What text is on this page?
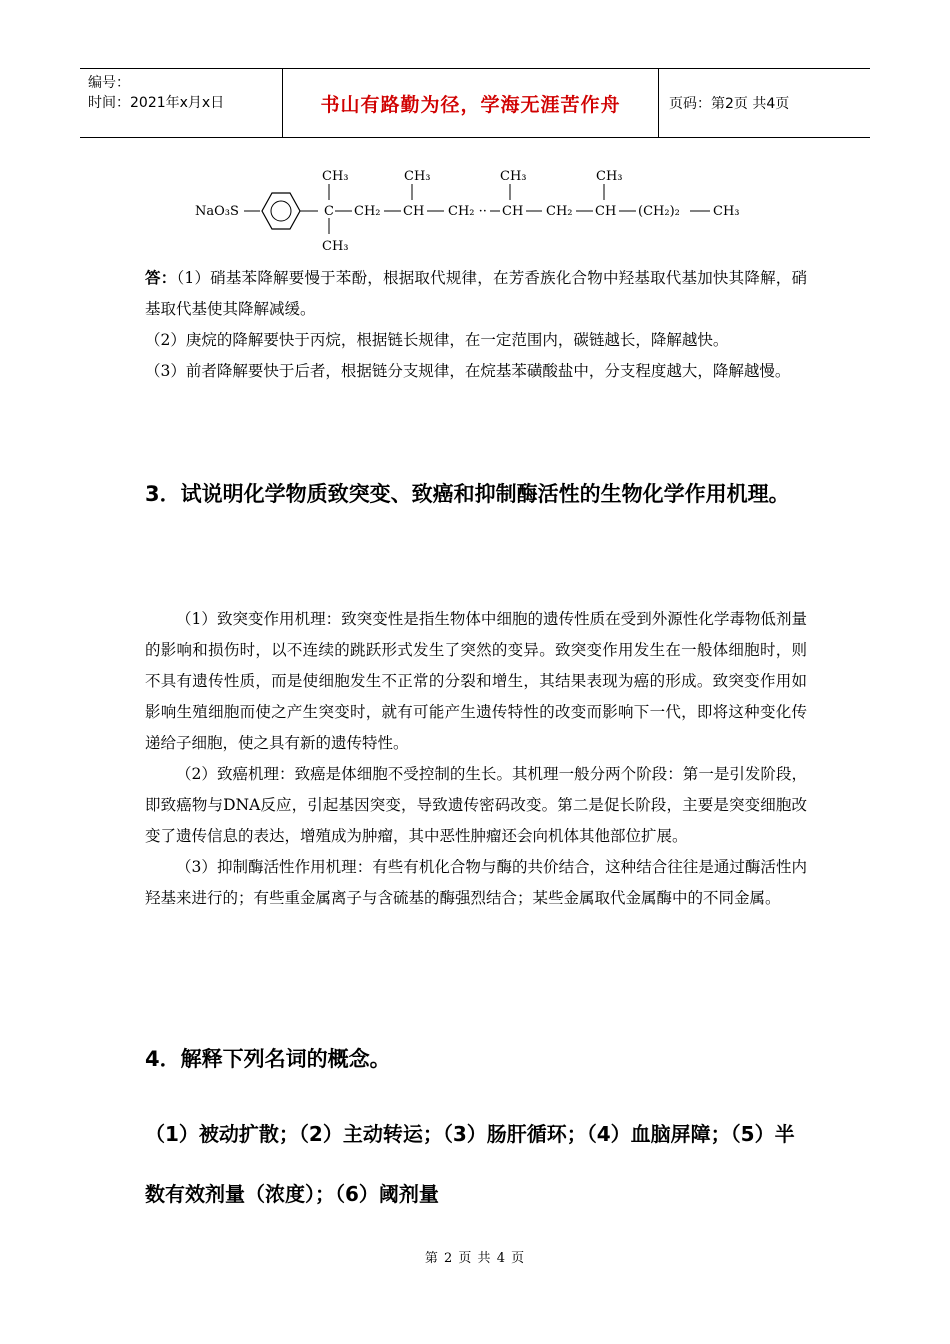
编号：
时间：2021年x月x日	书山有路勤为径，学海无涯苦作舟	页码：第2页 共4页
NaO₃S
CH₃
C
CH₃
CH₂
CH₃
CH CH₂ ··
CH₃
CH CH₂
CH₃
CH (CH₂)₂	CH₃

答：（1）硝基苯降解要慢于苯酚，根据取代规律，在芳香族化合物中羟基取代基加快其降解，硝基取代基使其降解减缓。

（2）庚烷的降解要快于丙烷，根据链长规律，在一定范围内，碳链越长，降解越快。

（3）前者降解要快于后者，根据链分支规律，在烷基苯磺酸盐中，分支程度越大，降解越慢。

3．试说明化学物质致突变、致癌和抑制酶活性的生物化学作用机理。

（1）致突变作用机理：致突变性是指生物体中细胞的遗传性质在受到外源性化学毒物低剂量的影响和损伤时，以不连续的跳跃形式发生了突然的变异。致突变作用发生在一般体细胞时，则不具有遗传性质，而是使细胞发生不正常的分裂和增生，其结果表现为癌的形成。致突变作用如影响生殖细胞而使之产生突变时，就有可能产生遗传特性的改变而影响下一代，即将这种变化传递给子细胞，使之具有新的遗传特性。

（2）致癌机理：致癌是体细胞不受控制的生长。其机理一般分两个阶段：第一是引发阶段，即致癌物与DNA反应，引起基因突变，导致遗传密码改变。第二是促长阶段，主要是突变细胞改变了遗传信息的表达，增殖成为肿瘤，其中恶性肿瘤还会向机体其他部位扩展。

（3）抑制酶活性作用机理：有些有机化合物与酶的共价结合，这种结合往往是通过酶活性内羟基来进行的；有些重金属离子与含硫基的酶强烈结合；某些金属取代金属酶中的不同金属。

4．解释下列名词的概念。

（1）被动扩散；（2）主动转运；（3）肠肝循环；（4）血脑屏障；（5）半数有效剂量（浓度）；（6）阈剂量

第 2 页 共 4 页
